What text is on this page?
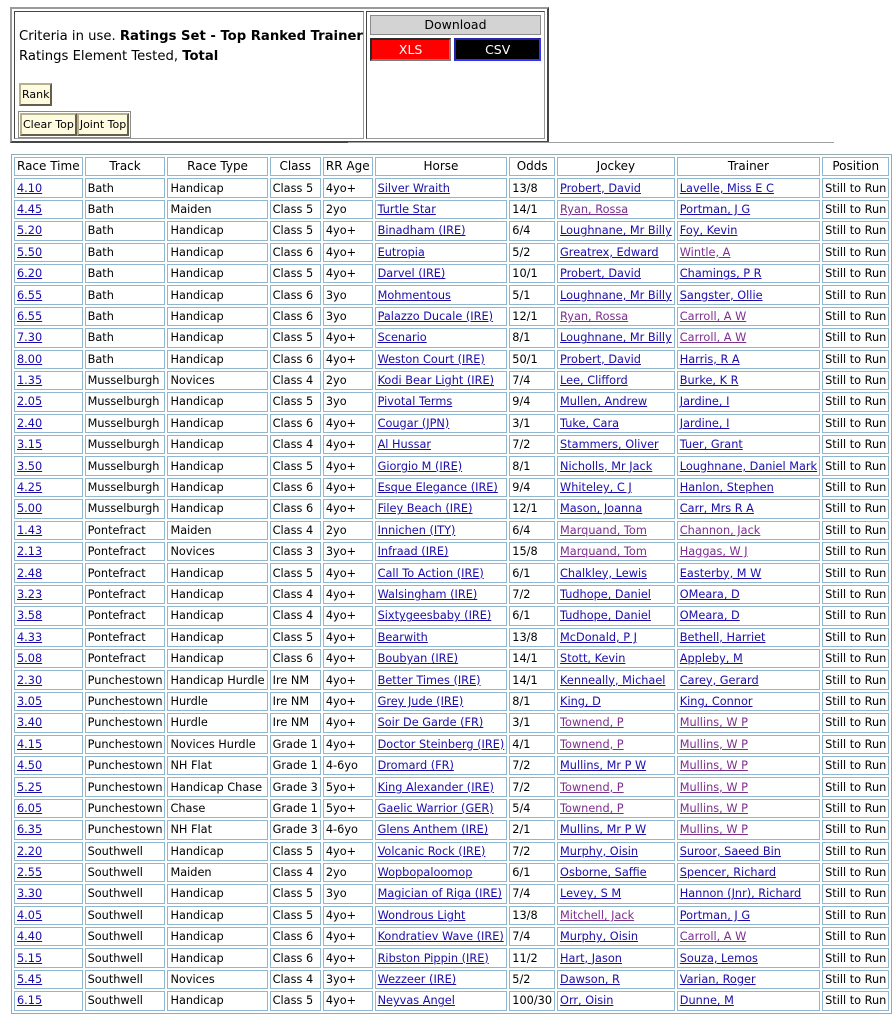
Criteria in use. Ratings Set - Top Ranked Trainer
Ratings Element Tested, Total
Rank
Clear Top Joint Top	
Download
XLS	CSV
Race Time	Track	Race Type	Class	RR Age	Horse	Odds	Jockey	Trainer	Position
4.10	Bath	Handicap	Class 5	4yo+	Silver Wraith	13/8	Probert, David	Lavelle, Miss E C	Still to Run
4.45	Bath	Maiden	Class 5	2yo	Turtle Star	14/1	Ryan, Rossa	Portman, J G	Still to Run
5.20	Bath	Handicap	Class 5	4yo+	Binadham (IRE)	6/4	Loughnane, Mr Billy	Foy, Kevin	Still to Run
5.50	Bath	Handicap	Class 6	4yo+	Eutropia	5/2	Greatrex, Edward	Wintle, A	Still to Run
6.20	Bath	Handicap	Class 5	4yo+	Darvel (IRE)	10/1	Probert, David	Chamings, P R	Still to Run
6.55	Bath	Handicap	Class 6	3yo	Mohmentous	5/1	Loughnane, Mr Billy	Sangster, Ollie	Still to Run
6.55	Bath	Handicap	Class 6	3yo	Palazzo Ducale (IRE)	12/1	Ryan, Rossa	Carroll, A W	Still to Run
7.30	Bath	Handicap	Class 5	4yo+	Scenario	8/1	Loughnane, Mr Billy	Carroll, A W	Still to Run
8.00	Bath	Handicap	Class 6	4yo+	Weston Court (IRE)	50/1	Probert, David	Harris, R A	Still to Run
1.35	Musselburgh	Novices	Class 4	2yo	Kodi Bear Light (IRE)	7/4	Lee, Clifford	Burke, K R	Still to Run
2.05	Musselburgh	Handicap	Class 5	3yo	Pivotal Terms	9/4	Mullen, Andrew	Jardine, I	Still to Run
2.40	Musselburgh	Handicap	Class 6	4yo+	Cougar (JPN)	3/1	Tuke, Cara	Jardine, I	Still to Run
3.15	Musselburgh	Handicap	Class 4	4yo+	Al Hussar	7/2	Stammers, Oliver	Tuer, Grant	Still to Run
3.50	Musselburgh	Handicap	Class 5	4yo+	Giorgio M (IRE)	8/1	Nicholls, Mr Jack	Loughnane, Daniel Mark	Still to Run
4.25	Musselburgh	Handicap	Class 6	4yo+	Esque Elegance (IRE)	9/4	Whiteley, C J	Hanlon, Stephen	Still to Run
5.00	Musselburgh	Handicap	Class 6	4yo+	Filey Beach (IRE)	12/1	Mason, Joanna	Carr, Mrs R A	Still to Run
1.43	Pontefract	Maiden	Class 4	2yo	Innichen (ITY)	6/4	Marquand, Tom	Channon, Jack	Still to Run
2.13	Pontefract	Novices	Class 3	3yo+	Infraad (IRE)	15/8	Marquand, Tom	Haggas, W J	Still to Run
2.48	Pontefract	Handicap	Class 5	4yo+	Call To Action (IRE)	6/1	Chalkley, Lewis	Easterby, M W	Still to Run
3.23	Pontefract	Handicap	Class 4	4yo+	Walsingham (IRE)	7/2	Tudhope, Daniel	OMeara, D	Still to Run
3.58	Pontefract	Handicap	Class 4	4yo+	Sixtygeesbaby (IRE)	6/1	Tudhope, Daniel	OMeara, D	Still to Run
4.33	Pontefract	Handicap	Class 5	4yo+	Bearwith	13/8	McDonald, P J	Bethell, Harriet	Still to Run
5.08	Pontefract	Handicap	Class 6	4yo+	Boubyan (IRE)	14/1	Stott, Kevin	Appleby, M	Still to Run
2.30	Punchestown	Handicap Hurdle	Ire NM	4yo+	Better Times (IRE)	14/1	Kenneally, Michael	Carey, Gerard	Still to Run
3.05	Punchestown	Hurdle	Ire NM	4yo+	Grey Jude (IRE)	8/1	King, D	King, Connor	Still to Run
3.40	Punchestown	Hurdle	Ire NM	4yo+	Soir De Garde (FR)	3/1	Townend, P	Mullins, W P	Still to Run
4.15	Punchestown	Novices Hurdle	Grade 1	4yo+	Doctor Steinberg (IRE)	4/1	Townend, P	Mullins, W P	Still to Run
4.50	Punchestown	NH Flat	Grade 1	4-6yo	Dromard (FR)	7/2	Mullins, Mr P W	Mullins, W P	Still to Run
5.25	Punchestown	Handicap Chase	Grade 3	5yo+	King Alexander (IRE)	7/2	Townend, P	Mullins, W P	Still to Run
6.05	Punchestown	Chase	Grade 1	5yo+	Gaelic Warrior (GER)	5/4	Townend, P	Mullins, W P	Still to Run
6.35	Punchestown	NH Flat	Grade 3	4-6yo	Glens Anthem (IRE)	2/1	Mullins, Mr P W	Mullins, W P	Still to Run
2.20	Southwell	Handicap	Class 5	4yo+	Volcanic Rock (IRE)	7/2	Murphy, Oisin	Suroor, Saeed Bin	Still to Run
2.55	Southwell	Maiden	Class 4	2yo	Wopbopaloomop	6/1	Osborne, Saffie	Spencer, Richard	Still to Run
3.30	Southwell	Handicap	Class 5	3yo	Magician of Riga (IRE)	7/4	Levey, S M	Hannon (Jnr), Richard	Still to Run
4.05	Southwell	Handicap	Class 5	4yo+	Wondrous Light	13/8	Mitchell, Jack	Portman, J G	Still to Run
4.40	Southwell	Handicap	Class 6	4yo+	Kondratiev Wave (IRE)	7/4	Murphy, Oisin	Carroll, A W	Still to Run
5.15	Southwell	Handicap	Class 6	4yo+	Ribston Pippin (IRE)	11/2	Hart, Jason	Souza, Lemos	Still to Run
5.45	Southwell	Novices	Class 4	3yo+	Wezzeer (IRE)	5/2	Dawson, R	Varian, Roger	Still to Run
6.15	Southwell	Handicap	Class 5	4yo+	Neyvas Angel	100/30	Orr, Oisin	Dunne, M	Still to Run
